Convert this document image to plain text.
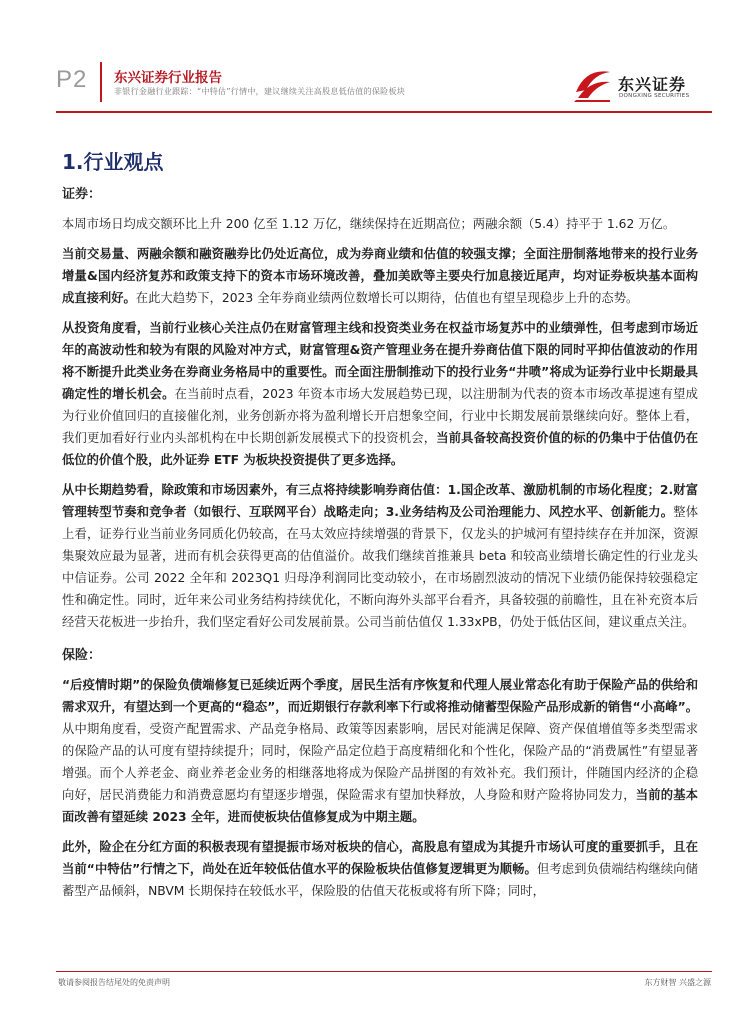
P2 东兴证券行业报告
非银行金融行业跟踪：“中特估”行情中，建议继续关注高股息低估值的保险板块	东兴证券
DONGXING SECURITIES
1.行业观点
证券：

本周市场日均成交额环比上升 200 亿至 1.12 万亿，继续保持在近期高位；两融余额（5.4）持平于 1.62 万亿。

当前交易量、两融余额和融资融券比仍处近高位，成为券商业绩和估值的较强支撑；全面注册制落地带来的投行业务增量&国内经济复苏和政策支持下的资本市场环境改善，叠加美欧等主要央行加息接近尾声，均对证券板块基本面构成直接利好。在此大趋势下，2023 全年券商业绩两位数增长可以期待，估值也有望呈现稳步上升的态势。

从投资角度看，当前行业核心关注点仍在财富管理主线和投资类业务在权益市场复苏中的业绩弹性，但考虑到市场近年的高波动性和较为有限的风险对冲方式，财富管理&资产管理业务在提升券商估值下限的同时平抑估值波动的作用将不断提升此类业务在券商业务格局中的重要性。而全面注册制推动下的投行业务“井喷”将成为证券行业中长期最具确定性的增长机会。在当前时点看，2023 年资本市场大发展趋势已现，以注册制为代表的资本市场改革提速有望成为行业价值回归的直接催化剂，业务创新亦将为盈利增长开启想象空间，行业中长期发展前景继续向好。整体上看，我们更加看好行业内头部机构在中长期创新发展模式下的投资机会，当前具备较高投资价值的标的仍集中于估值仍在低位的价值个股，此外证券 ETF 为板块投资提供了更多选择。

从中长期趋势看，除政策和市场因素外，有三点将持续影响券商估值：1.国企改革、激励机制的市场化程度；2.财富管理转型节奏和竞争者（如银行、互联网平台）战略走向；3.业务结构及公司治理能力、风控水平、创新能力。整体上看，证券行业当前业务同质化仍较高，在马太效应持续增强的背景下，仅龙头的护城河有望持续存在并加深，资源集聚效应最为显著，进而有机会获得更高的估值溢价。故我们继续首推兼具 beta 和较高业绩增长确定性的行业龙头中信证券。公司 2022 全年和 2023Q1 归母净利润同比变动较小，在市场剧烈波动的情况下业绩仍能保持较强稳定性和确定性。同时，近年来公司业务结构持续优化，不断向海外头部平台看齐，具备较强的前瞻性，且在补充资本后经营天花板进一步抬升，我们坚定看好公司发展前景。公司当前估值仅 1.33xPB，仍处于低估区间，建议重点关注。

保险：

“后疫情时期”的保险负债端修复已延续近两个季度，居民生活有序恢复和代理人展业常态化有助于保险产品的供给和需求双升，有望达到一个更高的“稳态”，而近期银行存款利率下行或将推动储蓄型保险产品形成新的销售“小高峰”。从中期角度看，受资产配置需求、产品竞争格局、政策等因素影响，居民对能满足保障、资产保值增值等多类型需求的保险产品的认可度有望持续提升；同时，保险产品定位趋于高度精细化和个性化，保险产品的“消费属性”有望显著增强。而个人养老金、商业养老金业务的相继落地将成为保险产品拼图的有效补充。我们预计，伴随国内经济的企稳向好，居民消费能力和消费意愿均有望逐步增强，保险需求有望加快释放，人身险和财产险将协同发力，当前的基本面改善有望延续 2023 全年，进而使板块估值修复成为中期主题。

此外，险企在分红方面的积极表现有望提振市场对板块的信心，高股息有望成为其提升市场认可度的重要抓手，且在当前“中特估”行情之下，尚处在近年较低估值水平的保险板块估值修复逻辑更为顺畅。但考虑到负债端结构继续向储蓄型产品倾斜，NBVM 长期保持在较低水平，保险股的估值天花板或将有所下降；同时，

敬请参阅报告结尾处的免责声明	东方财智 兴盛之源
